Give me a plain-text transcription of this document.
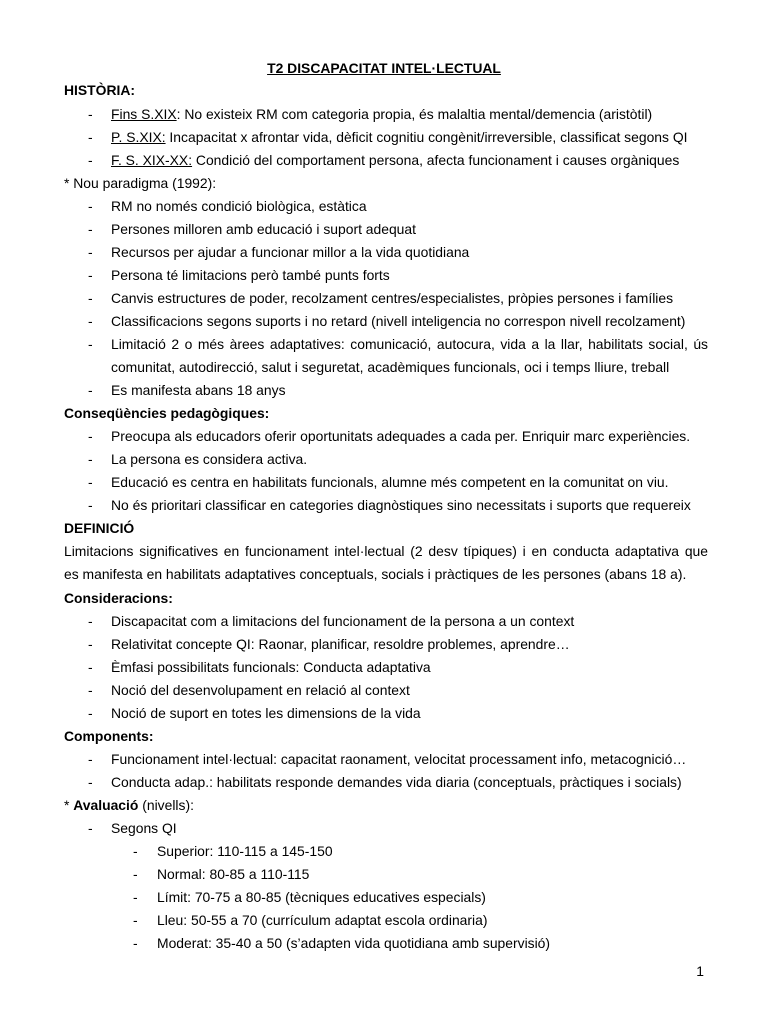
T2 DISCAPACITAT INTEL·LECTUAL
HISTÒRIA:
-	Fins S.XIX: No existeix RM com categoria propia, és malaltia mental/demencia (aristòtil)
-	P. S.XIX: Incapacitat x afrontar vida, dèficit cognitiu congènit/irreversible, classificat segons QI
-	F. S. XIX-XX: Condició del comportament persona, afecta funcionament i causes orgàniques
* Nou paradigma (1992):
-	RM no només condició biològica, estàtica
-	Persones milloren amb educació i suport adequat
-	Recursos per ajudar a funcionar millor a la vida quotidiana
-	Persona té limitacions però també punts forts
-	Canvis estructures de poder, recolzament centres/especialistes, pròpies persones i famílies
-	Classificacions segons suports i no retard (nivell inteligencia no correspon nivell recolzament)
-	Limitació 2 o més àrees adaptatives: comunicació, autocura, vida a la llar, habilitats social, ús
comunitat, autodirecció, salut i seguretat, acadèmiques funcionals, oci i temps lliure, treball
-	Es manifesta abans 18 anys
Conseqüències pedagògiques:
-	Preocupa als educadors oferir oportunitats adequades a cada per. Enriquir marc experiències.
-	La persona es considera activa.
-	Educació es centra en habilitats funcionals, alumne més competent en la comunitat on viu.
-	No és prioritari classificar en categories diagnòstiques sino necessitats i suports que requereix
DEFINICIÓ
Limitacions significatives en funcionament intel·lectual (2 desv típiques) i en conducta adaptativa que
es manifesta en habilitats adaptatives conceptuals, socials i pràctiques de les persones (abans 18 a).
Consideracions:
-	Discapacitat com a limitacions del funcionament de la persona a un context
-	Relativitat concepte QI: Raonar, planificar, resoldre problemes, aprendre…
-	Èmfasi possibilitats funcionals: Conducta adaptativa
-	Noció del desenvolupament en relació al context
-	Noció de suport en totes les dimensions de la vida
Components:
-	Funcionament intel·lectual: capacitat raonament, velocitat processament info, metacognició…
-	Conducta adap.: habilitats responde demandes vida diaria (conceptuals, pràctiques i socials)
* Avaluació (nivells):
-	Segons QI
-	Superior: 110-115 a 145-150
-	Normal: 80-85 a 110-115
-	Límit: 70-75 a 80-85 (tècniques educatives especials)
-	Lleu: 50-55 a 70 (currículum adaptat escola ordinaria)
-	Moderat: 35-40 a 50 (s’adapten vida quotidiana amb supervisió)
1
